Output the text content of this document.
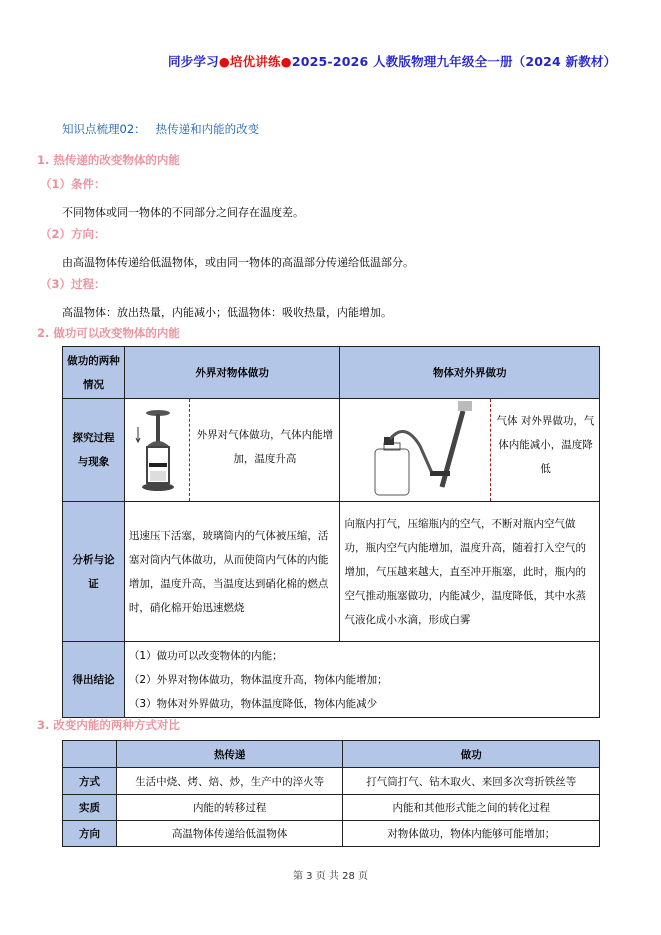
同步学习●培优讲练●2025-2026 人教版物理九年级全一册（2024 新教材）
知识点梳理02： 热传递和内能的改变
1. 热传递的改变物体的内能
（1）条件：
不同物体或同一物体的不同部分之间存在温度差。
（2）方向：
由高温物体传递给低温物体，或由同一物体的高温部分传递给低温部分。
（3）过程：
高温物体：放出热量，内能减小；低温物体：吸收热量，内能增加。
2. 做功可以改变物体的内能
做功的两种情况	外界对物体做功	物体对外界做功
探究过程与现象	外界对气体做功，气体内能增加，温度升高	气体 对外界做功，气体内能减小，温度降低

分析与论证	迅速压下活塞，玻璃筒内的气体被压缩，活塞对筒内气体做功，从而使筒内气体的内能增加，温度升高，当温度达到硝化棉的燃点时，硝化棉开始迅速燃烧	向瓶内打气，压缩瓶内的空气，不断对瓶内空气做功，瓶内空气内能增加，温度升高，随着打入空气的增加，气压越来越大，直至冲开瓶塞，此时，瓶内的空气推动瓶塞做功，内能减少，温度降低，其中水蒸气液化成小水滴，形成白雾
得出结论	（1）做功可以改变物体的内能；
（2）外界对物体做功，物体温度升高，物体内能增加；
（3）物体对外界做功，物体温度降低，物体内能减少	
3. 改变内能的两种方式对比
	热传递	做功
方式	生活中烧、烤、焙、炒，生产中的淬火等	打气筒打气、钻木取火、来回多次弯折铁丝等
实质	内能的转移过程	内能和其他形式能之间的转化过程
方向	高温物体传递给低温物体	对物体做功，物体内能够可能增加；
第 3 页 共 28 页
